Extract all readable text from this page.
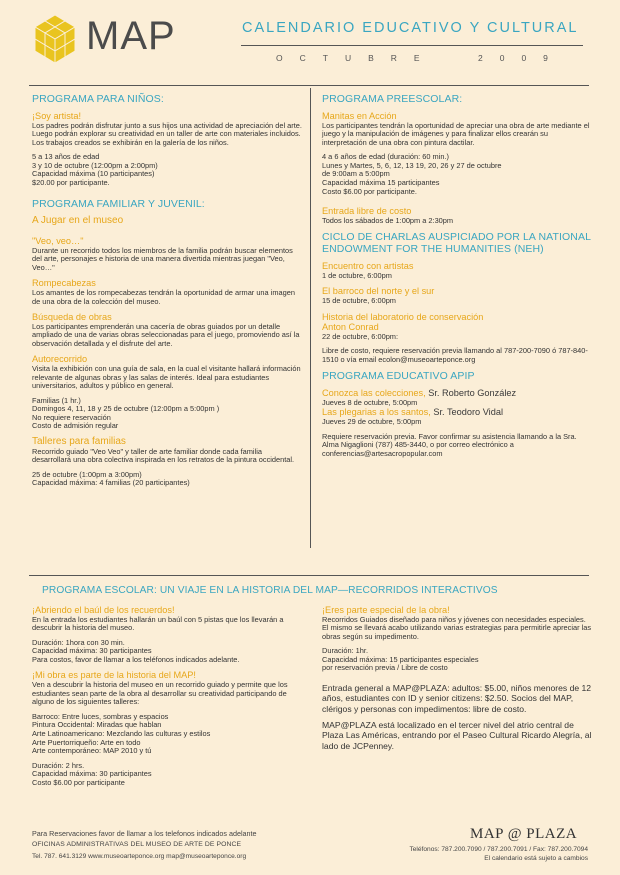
MAP	CALENDARIO EDUCATIVO Y CULTURAL
OCTUBRE	2009
PROGRAMA PARA NIÑOS:
¡Soy artista!

Los padres podrán disfrutar junto a sus hijos una actividad de apreciación del arte. Luego podrán explorar su creatividad en un taller de arte con materiales incluidos. Los trabajos creados se exhibirán en la galería de los niños.

5 a 13 años de edad
3 y 10 de octubre (12:00pm a 2:00pm)
Capacidad máxima (10 participantes)
$20.00 por participante.
PROGRAMA FAMILIAR Y JUVENIL:
A Jugar en el museo
"Veo, veo…"

Durante un recorrido todos los miembros de la familia podrán buscar elementos del arte, personajes e historia de una manera divertida mientras juegan "Veo, Veo…"

Rompecabezas

Los amantes de los rompecabezas tendrán la oportunidad de armar una imagen de una obra de la colección del museo.

Búsqueda de obras

Los participantes emprenderán una cacería de obras guiados por un detalle ampliado de una de varias obras seleccionadas para el juego, promoviendo así la observación detallada y el disfrute del arte.

Autorecorrido

Visita la exhibición con una guía de sala, en la cual el visitante hallará información relevante de algunas obras y las salas de interés. Ideal para estudiantes universitarios, adultos y público en general.

Familias (1 hr.)
Domingos 4, 11, 18 y 25 de octubre (12:00pm a 5:00pm )
No requiere reservación
Costo de admisión regular
Talleres para familias

Recorrido guiado "Veo Veo" y taller de arte familiar donde cada familia desarrollará una obra colectiva inspirada en los retratos de la pintura occidental.

25 de octubre (1:00pm a 3:00pm)
Capacidad máxima: 4 familias (20 participantes)
PROGRAMA PREESCOLAR:
Manitas en Acción

Los participantes tendrán la oportunidad de apreciar una obra de arte mediante el juego y la manipulación de imágenes y para finalizar ellos crearán su interpretación de una obra con pintura dactilar.

4 a 6 años de edad (duración: 60 min.)
Lunes y Martes, 5, 6, 12, 13 19, 20, 26 y 27 de octubre
de 9:00am a 5:00pm
Capacidad máxima 15 participantes
Costo $6.00 por participante.
Entrada libre de costo
Todos los sábados de 1:00pm a 2:30pm
CICLO DE CHARLAS AUSPICIADO POR LA NATIONAL ENDOWMENT FOR THE HUMANITIES (NEH)
Encuentro con artistas
1 de octubre, 6:00pm
El barroco del norte y el sur
15 de octubre, 6:00pm
Historia del laboratorio de conservación
Anton Conrad
22 de octubre, 6:00pm:

Libre de costo, requiere reservación previa llamando al 787-200-7090 ó 787-840-1510 o vía email ecolon@museoarteponce.org

PROGRAMA EDUCATIVO APIP
Conozca las colecciones, Sr. Roberto González
Jueves 8 de octubre, 5:00pm
Las plegarias a los santos, Sr. Teodoro Vidal
Jueves 29 de octubre, 5:00pm

Requiere reservación previa. Favor confirmar su asistencia llamando a la Sra. Alma Nigaglioni (787) 485-3440, o por correo electrónico a conferencias@artesacropopular.com

PROGRAMA ESCOLAR: UN VIAJE EN LA HISTORIA DEL MAP—RECORRIDOS INTERACTIVOS
¡Abriendo el baúl de los recuerdos!

En la entrada los estudiantes hallarán un baúl con 5 pistas que los llevarán a descubrir la historia del museo.

Duración: 1hora con 30 min.
Capacidad máxima: 30 participantes
Para costos, favor de llamar a los teléfonos indicados adelante.
¡Mi obra es parte de la historia del MAP!

Ven a descubrir la historia del museo en un recorrido guiado y permite que los estudiantes sean parte de la obra al desarrollar su creatividad participando de alguno de los siguientes talleres:

Barroco: Entre luces, sombras y espacios
Pintura Occidental: Miradas que hablan
Arte Latinoamericano: Mezclando las culturas y estilos
Arte Puertorriqueño: Arte en todo
Arte contemporáneo: MAP 2010 y tú
Duración: 2 hrs.
Capacidad máxima: 30 participantes
Costo $6.00 por participante
¡Eres parte especial de la obra!

Recorridos Guiados diseñado para niños y jóvenes con necesidades especiales. El mismo se llevará acabo utilizando varias estrategias para permitirle apreciar las obras según su impedimento.

Duración: 1hr.
Capacidad máxima: 15 participantes especiales
por reservación previa / Libre de costo

Entrada general a MAP@PLAZA: adultos: $5.00, niños menores de 12 años, estudiantes con ID y senior citizens: $2.50. Socios del MAP, clérigos y personas con impedimentos: libre de costo.

MAP@PLAZA está localizado en el tercer nivel del atrio central de Plaza Las Américas, entrando por el Paseo Cultural Ricardo Alegría, al lado de JCPenney.

Para Reservaciones favor de llamar a los telefonos indicados adelante
OFICINAS ADMINISTRATIVAS DEL MUSEO DE ARTE DE PONCE
Tel. 787. 641.3129 www.museoarteponce.org map@museoarteponce.org
MAP @ PLAZA
Teléfonos: 787.200.7090 / 787.200.7091 / Fax: 787.200.7094
El calendario está sujeto a cambios
